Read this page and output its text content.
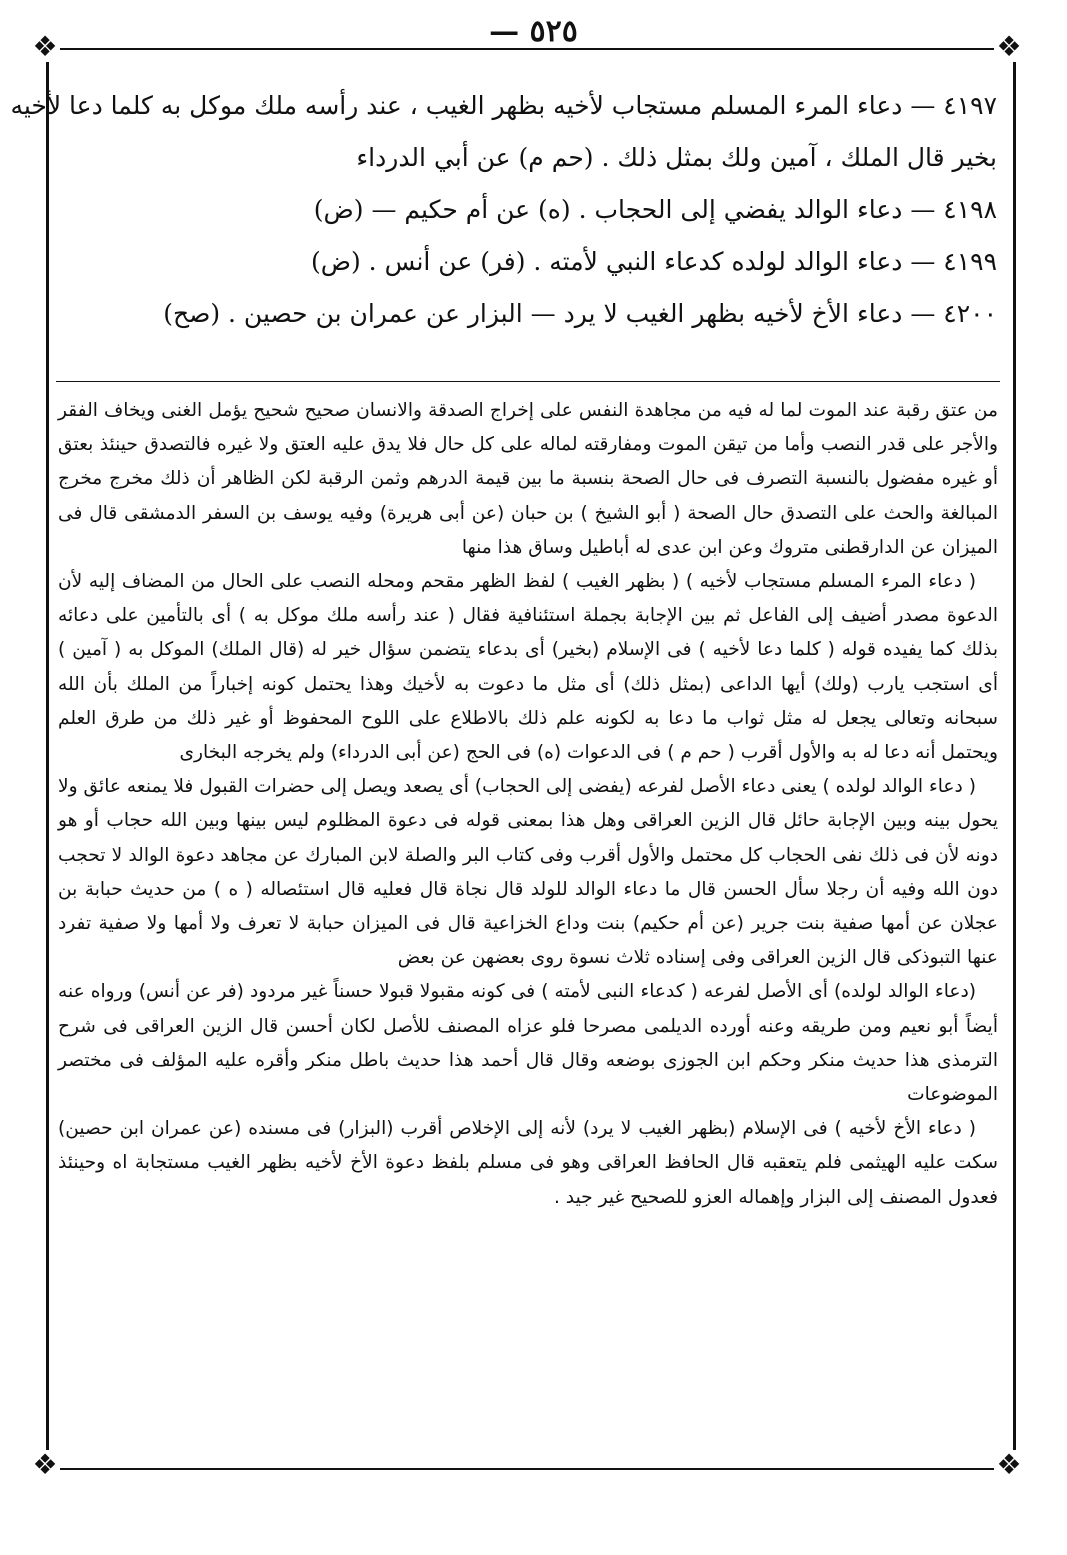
— ٥٢٥
❖	❖
❖	❖
٤١٩٧ — دعاء المرء المسلم مستجاب لأخيه بظهر الغيب ، عند رأسه ملك موكل به كلما دعا لأخيه
بخير قال الملك ، آمين ولك بمثل ذلك . (حم م) عن أبي الدرداء
٤١٩٨ — دعاء الوالد يفضي إلى الحجاب . (ه) عن أم حكيم — (ض)
٤١٩٩ — دعاء الوالد لولده كدعاء النبي لأمته . (فر) عن أنس . (ض)
٤٢٠٠ — دعاء الأخ لأخيه بظهر الغيب لا يرد — البزار عن عمران بن حصين . (صح)

من عتق رقبة عند الموت لما له فيه من مجاهدة النفس على إخراج الصدقة والانسان صحيح شحيح يؤمل الغنى ويخاف الفقر والأجر على قدر النصب وأما من تيقن الموت ومفارقته لماله على كل حال فلا يدق عليه العتق ولا غيره فالتصدق حينئذ بعتق أو غيره مفضول بالنسبة التصرف فى حال الصحة بنسبة ما بين قيمة الدرهم وثمن الرقبة لكن الظاهر أن ذلك مخرج مخرج المبالغة والحث على التصدق حال الصحة ( أبو الشيخ ) بن حبان (عن أبى هريرة) وفيه يوسف بن السفر الدمشقى قال فى الميزان عن الدارقطنى متروك وعن ابن عدى له أباطيل وساق هذا منها

( دعاء المرء المسلم مستجاب لأخيه ) ( بظهر الغيب ) لفظ الظهر مقحم ومحله النصب على الحال من المضاف إليه لأن الدعوة مصدر أضيف إلى الفاعل ثم بين الإجابة بجملة استئنافية فقال ( عند رأسه ملك موكل به ) أى بالتأمين على دعائه بذلك كما يفيده قوله ( كلما دعا لأخيه ) فى الإسلام (بخير) أى بدعاء يتضمن سؤال خير له (قال الملك) الموكل به ( آمين ) أى استجب يارب (ولك) أيها الداعى (بمثل ذلك) أى مثل ما دعوت به لأخيك وهذا يحتمل كونه إخباراً من الملك بأن الله سبحانه وتعالى يجعل له مثل ثواب ما دعا به لكونه علم ذلك بالاطلاع على اللوح المحفوظ أو غير ذلك من طرق العلم ويحتمل أنه دعا له به والأول أقرب ( حم م ) فى الدعوات (ه) فى الحج (عن أبى الدرداء) ولم يخرجه البخارى

( دعاء الوالد لولده ) يعنى دعاء الأصل لفرعه (يفضى إلى الحجاب) أى يصعد ويصل إلى حضرات القبول فلا يمنعه عائق ولا يحول بينه وبين الإجابة حائل قال الزين العراقى وهل هذا بمعنى قوله فى دعوة المظلوم ليس بينها وبين الله حجاب أو هو دونه لأن فى ذلك نفى الحجاب كل محتمل والأول أقرب وفى كتاب البر والصلة لابن المبارك عن مجاهد دعوة الوالد لا تحجب دون الله وفيه أن رجلا سأل الحسن قال ما دعاء الوالد للولد قال نجاة قال فعليه قال استئصاله ( ه ) من حديث حبابة بن عجلان عن أمها صفية بنت جرير (عن أم حكيم) بنت وداع الخزاعية قال فى الميزان حبابة لا تعرف ولا أمها ولا صفية تفرد عنها التبوذكى قال الزين العراقى وفى إسناده ثلاث نسوة روى بعضهن عن بعض

(دعاء الوالد لولده) أى الأصل لفرعه ( كدعاء النبى لأمته ) فى كونه مقبولا قبولا حسناً غير مردود (فر عن أنس) ورواه عنه أيضاً أبو نعيم ومن طريقه وعنه أورده الديلمى مصرحا فلو عزاه المصنف للأصل لكان أحسن قال الزين العراقى فى شرح الترمذى هذا حديث منكر وحكم ابن الجوزى بوضعه وقال قال أحمد هذا حديث باطل منكر وأقره عليه المؤلف فى مختصر الموضوعات

( دعاء الأخ لأخيه ) فى الإسلام (بظهر الغيب لا يرد) لأنه إلى الإخلاص أقرب (البزار) فى مسنده (عن عمران ابن حصين) سكت عليه الهيثمى فلم يتعقبه قال الحافظ العراقى وهو فى مسلم بلفظ دعوة الأخ لأخيه بظهر الغيب مستجابة اه وحينئذ فعدول المصنف إلى البزار وإهماله العزو للصحيح غير جيد .
